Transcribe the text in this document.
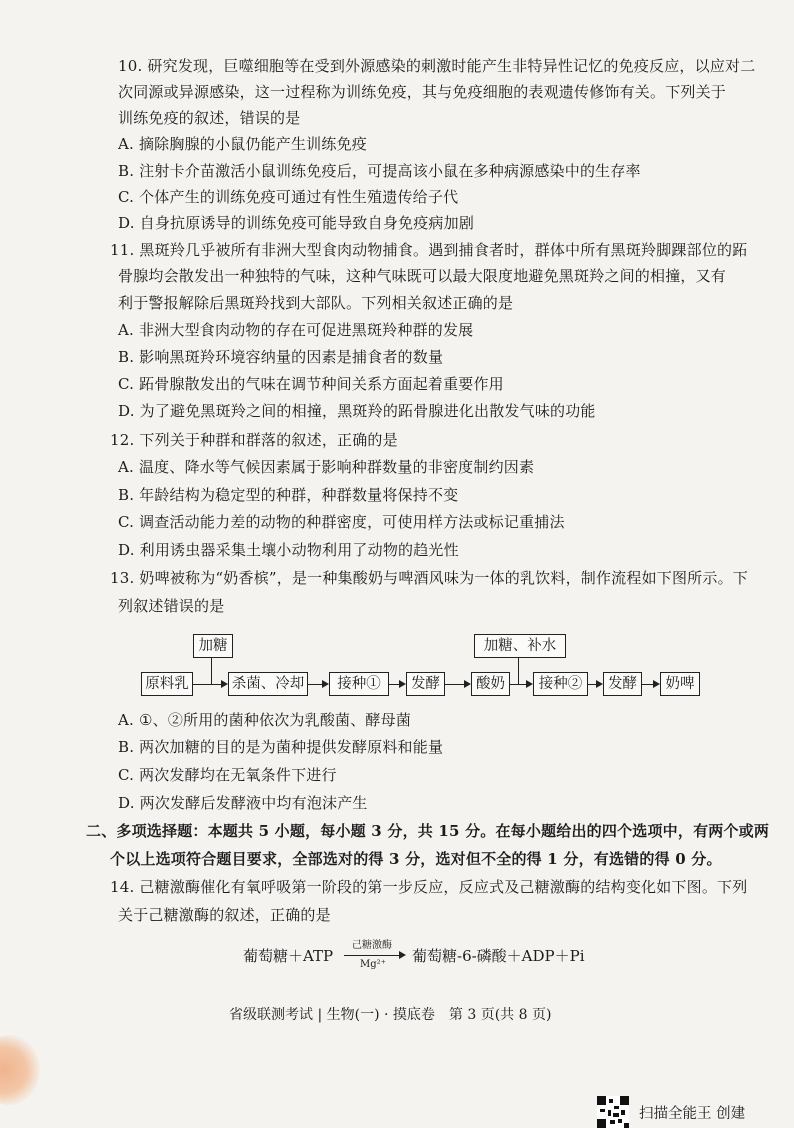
10. 研究发现，巨噬细胞等在受到外源感染的刺激时能产生非特异性记忆的免疫反应，以应对二
次同源或异源感染，这一过程称为训练免疫，其与免疫细胞的表观遗传修饰有关。下列关于
训练免疫的叙述，错误的是
A. 摘除胸腺的小鼠仍能产生训练免疫
B. 注射卡介苗激活小鼠训练免疫后，可提高该小鼠在多种病源感染中的生存率
C. 个体产生的训练免疫可通过有性生殖遗传给子代
D. 自身抗原诱导的训练免疫可能导致自身免疫病加剧
11. 黑斑羚几乎被所有非洲大型食肉动物捕食。遇到捕食者时，群体中所有黑斑羚脚踝部位的跖
骨腺均会散发出一种独特的气味，这种气味既可以最大限度地避免黑斑羚之间的相撞，又有
利于警报解除后黑斑羚找到大部队。下列相关叙述正确的是
A. 非洲大型食肉动物的存在可促进黑斑羚种群的发展
B. 影响黑斑羚环境容纳量的因素是捕食者的数量
C. 跖骨腺散发出的气味在调节种间关系方面起着重要作用
D. 为了避免黑斑羚之间的相撞，黑斑羚的跖骨腺进化出散发气味的功能
12. 下列关于种群和群落的叙述，正确的是
A. 温度、降水等气候因素属于影响种群数量的非密度制约因素
B. 年龄结构为稳定型的种群，种群数量将保持不变
C. 调查活动能力差的动物的种群密度，可使用样方法或标记重捕法
D. 利用诱虫器采集土壤小动物利用了动物的趋光性
13. 奶啤被称为“奶香槟”，是一种集酸奶与啤酒风味为一体的乳饮料，制作流程如下图所示。下
列叙述错误的是
加糖	加糖、补水
原料乳	杀菌、冷却	接种①	发酵	酸奶	接种②	发酵	奶啤
A. ①、②所用的菌种依次为乳酸菌、酵母菌
B. 两次加糖的目的是为菌种提供发酵原料和能量
C. 两次发酵均在无氧条件下进行
D. 两次发酵后发酵液中均有泡沫产生
二、多项选择题：本题共 5 小题，每小题 3 分，共 15 分。在每小题给出的四个选项中，有两个或两
个以上选项符合题目要求，全部选对的得 3 分，选对但不全的得 1 分，有选错的得 0 分。
14. 己糖激酶催化有氧呼吸第一阶段的第一步反应，反应式及己糖激酶的结构变化如下图。下列
关于己糖激酶的叙述，正确的是
葡萄糖＋ATP
己糖激酶
Mg²⁺ 葡萄糖-6-磷酸＋ADP＋Pi
省级联测考试 | 生物(一) · 摸底卷　第 3 页(共 8 页)
扫描全能王 创建
